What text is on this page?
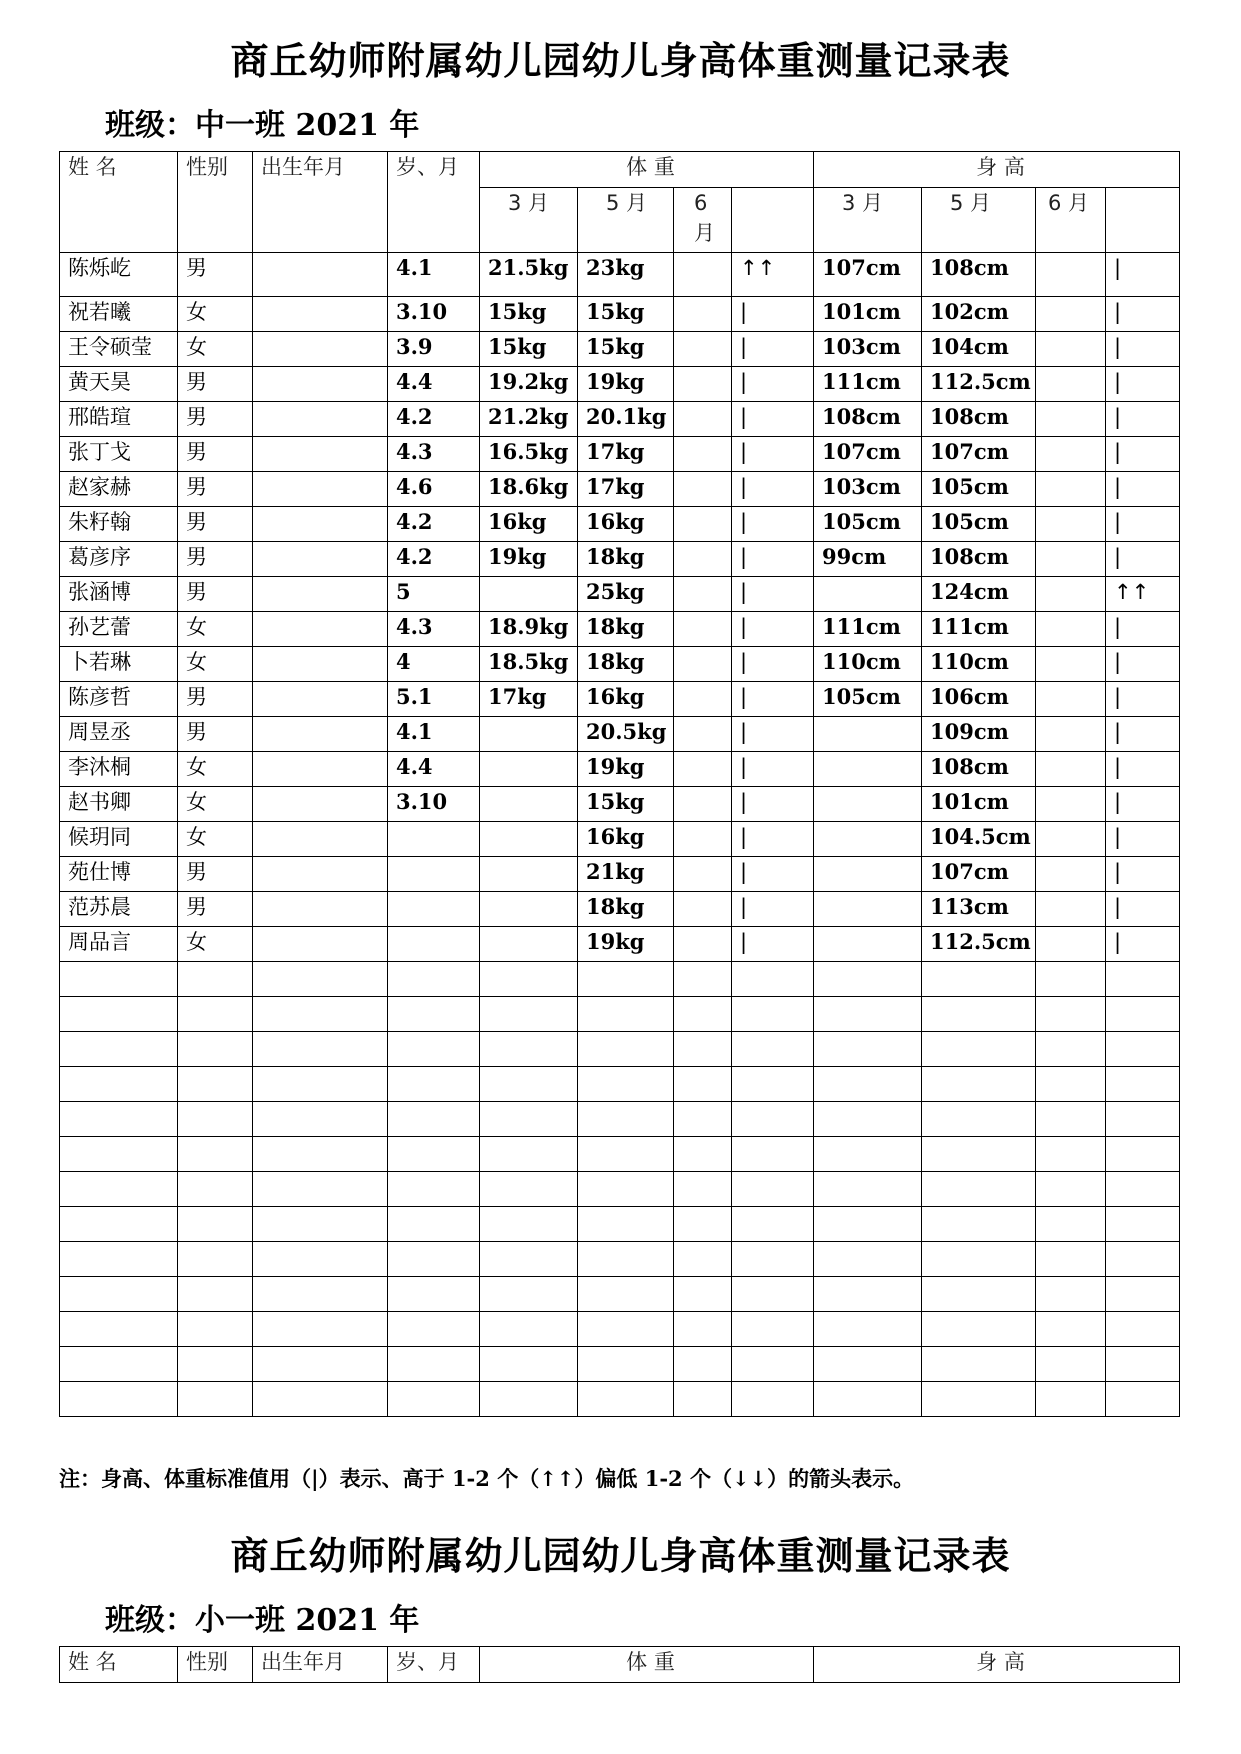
商丘幼师附属幼儿园幼儿身高体重测量记录表
班级：中一班 2021 年
姓 名	性别	出生年月	岁、月	体 重				身 高			
				3 月	5 月	6 月		3 月	5 月	6 月	
陈烁屹	男		4.1	21.5kg	23kg		↑↑	107cm	108cm		|
祝若曦	女		3.10	15kg	15kg		|	101cm	102cm		|
王令硕莹	女		3.9	15kg	15kg		|	103cm	104cm		|
黄天昊	男		4.4	19.2kg	19kg		|	111cm	112.5cm		|
邢皓瑄	男		4.2	21.2kg	20.1kg		|	108cm	108cm		|
张丁戈	男		4.3	16.5kg	17kg		|	107cm	107cm		|
赵家赫	男		4.6	18.6kg	17kg		|	103cm	105cm		|
朱籽翰	男		4.2	16kg	16kg		|	105cm	105cm		|
葛彦序	男		4.2	19kg	18kg		|	99cm	108cm		|
张涵博	男		5		25kg		|		124cm		↑↑
孙艺蕾	女		4.3	18.9kg	18kg		|	111cm	111cm		|
卜若琳	女		4	18.5kg	18kg		|	110cm	110cm		|
陈彦哲	男		5.1	17kg	16kg		|	105cm	106cm		|
周昱丞	男		4.1		20.5kg		|		109cm		|
李沐桐	女		4.4		19kg		|		108cm		|
赵书卿	女		3.10		15kg		|		101cm		|
候玥同	女				16kg		|		104.5cm		|
苑仕博	男				21kg		|		107cm		|
范苏晨	男				18kg		|		113cm		|
周品言	女				19kg		|		112.5cm		|

注：身高、体重标准值用（|）表示、高于 1-2 个（↑↑）偏低 1-2 个（↓↓）的箭头表示。
商丘幼师附属幼儿园幼儿身高体重测量记录表
班级：小一班 2021 年
姓 名	性别	出生年月	岁、月	体 重	身 高
